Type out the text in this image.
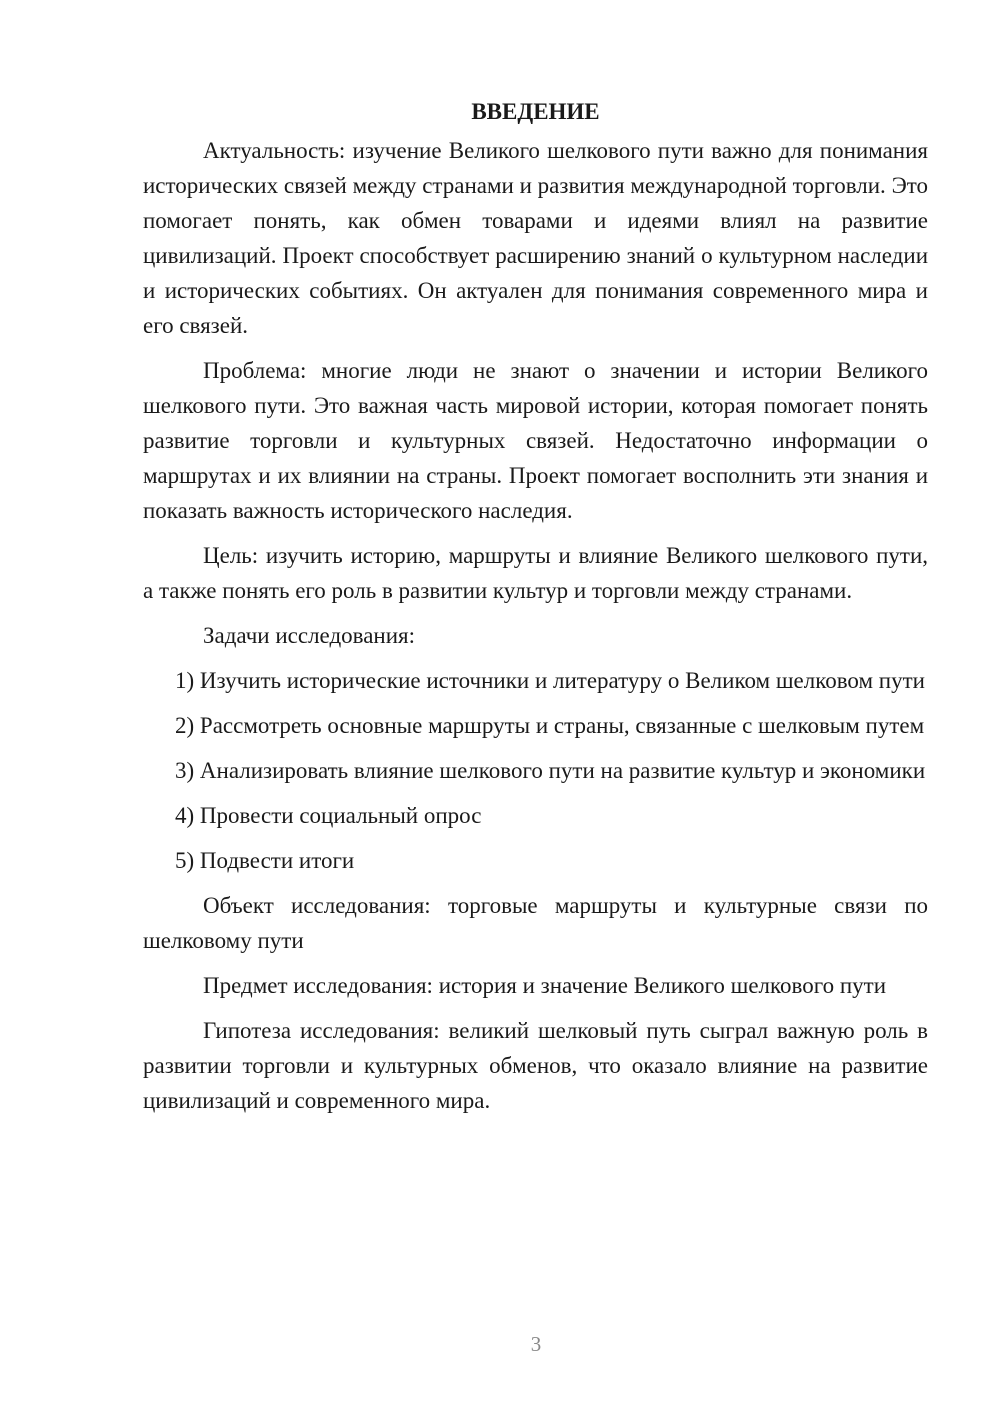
ВВЕДЕНИЕ

Актуальность: изучение Великого шелкового пути важно для понимания исторических связей между странами и развития международной торговли. Это помогает понять, как обмен товарами и идеями влиял на развитие цивилизаций. Проект способствует расширению знаний о культурном наследии и исторических событиях. Он актуален для понимания современного мира и его связей.

Проблема: многие люди не знают о значении и истории Великого шелкового пути. Это важная часть мировой истории, которая помогает понять развитие торговли и культурных связей. Недостаточно информации о маршрутах и их влиянии на страны. Проект помогает восполнить эти знания и показать важность исторического наследия.

Цель: изучить историю, маршруты и влияние Великого шелкового пути, а также понять его роль в развитии культур и торговли между странами.

Задачи исследования:

1) Изучить исторические источники и литературу о Великом шелковом пути

2) Рассмотреть основные маршруты и страны, связанные с шелковым путем

3) Анализировать влияние шелкового пути на развитие культур и экономики

4) Провести социальный опрос

5) Подвести итоги

Объект исследования: торговые маршруты и культурные связи по шелковому пути

Предмет исследования: история и значение Великого шелкового пути

Гипотеза исследования: великий шелковый путь сыграл важную роль в развитии торговли и культурных обменов, что оказало влияние на развитие цивилизаций и современного мира.

3
